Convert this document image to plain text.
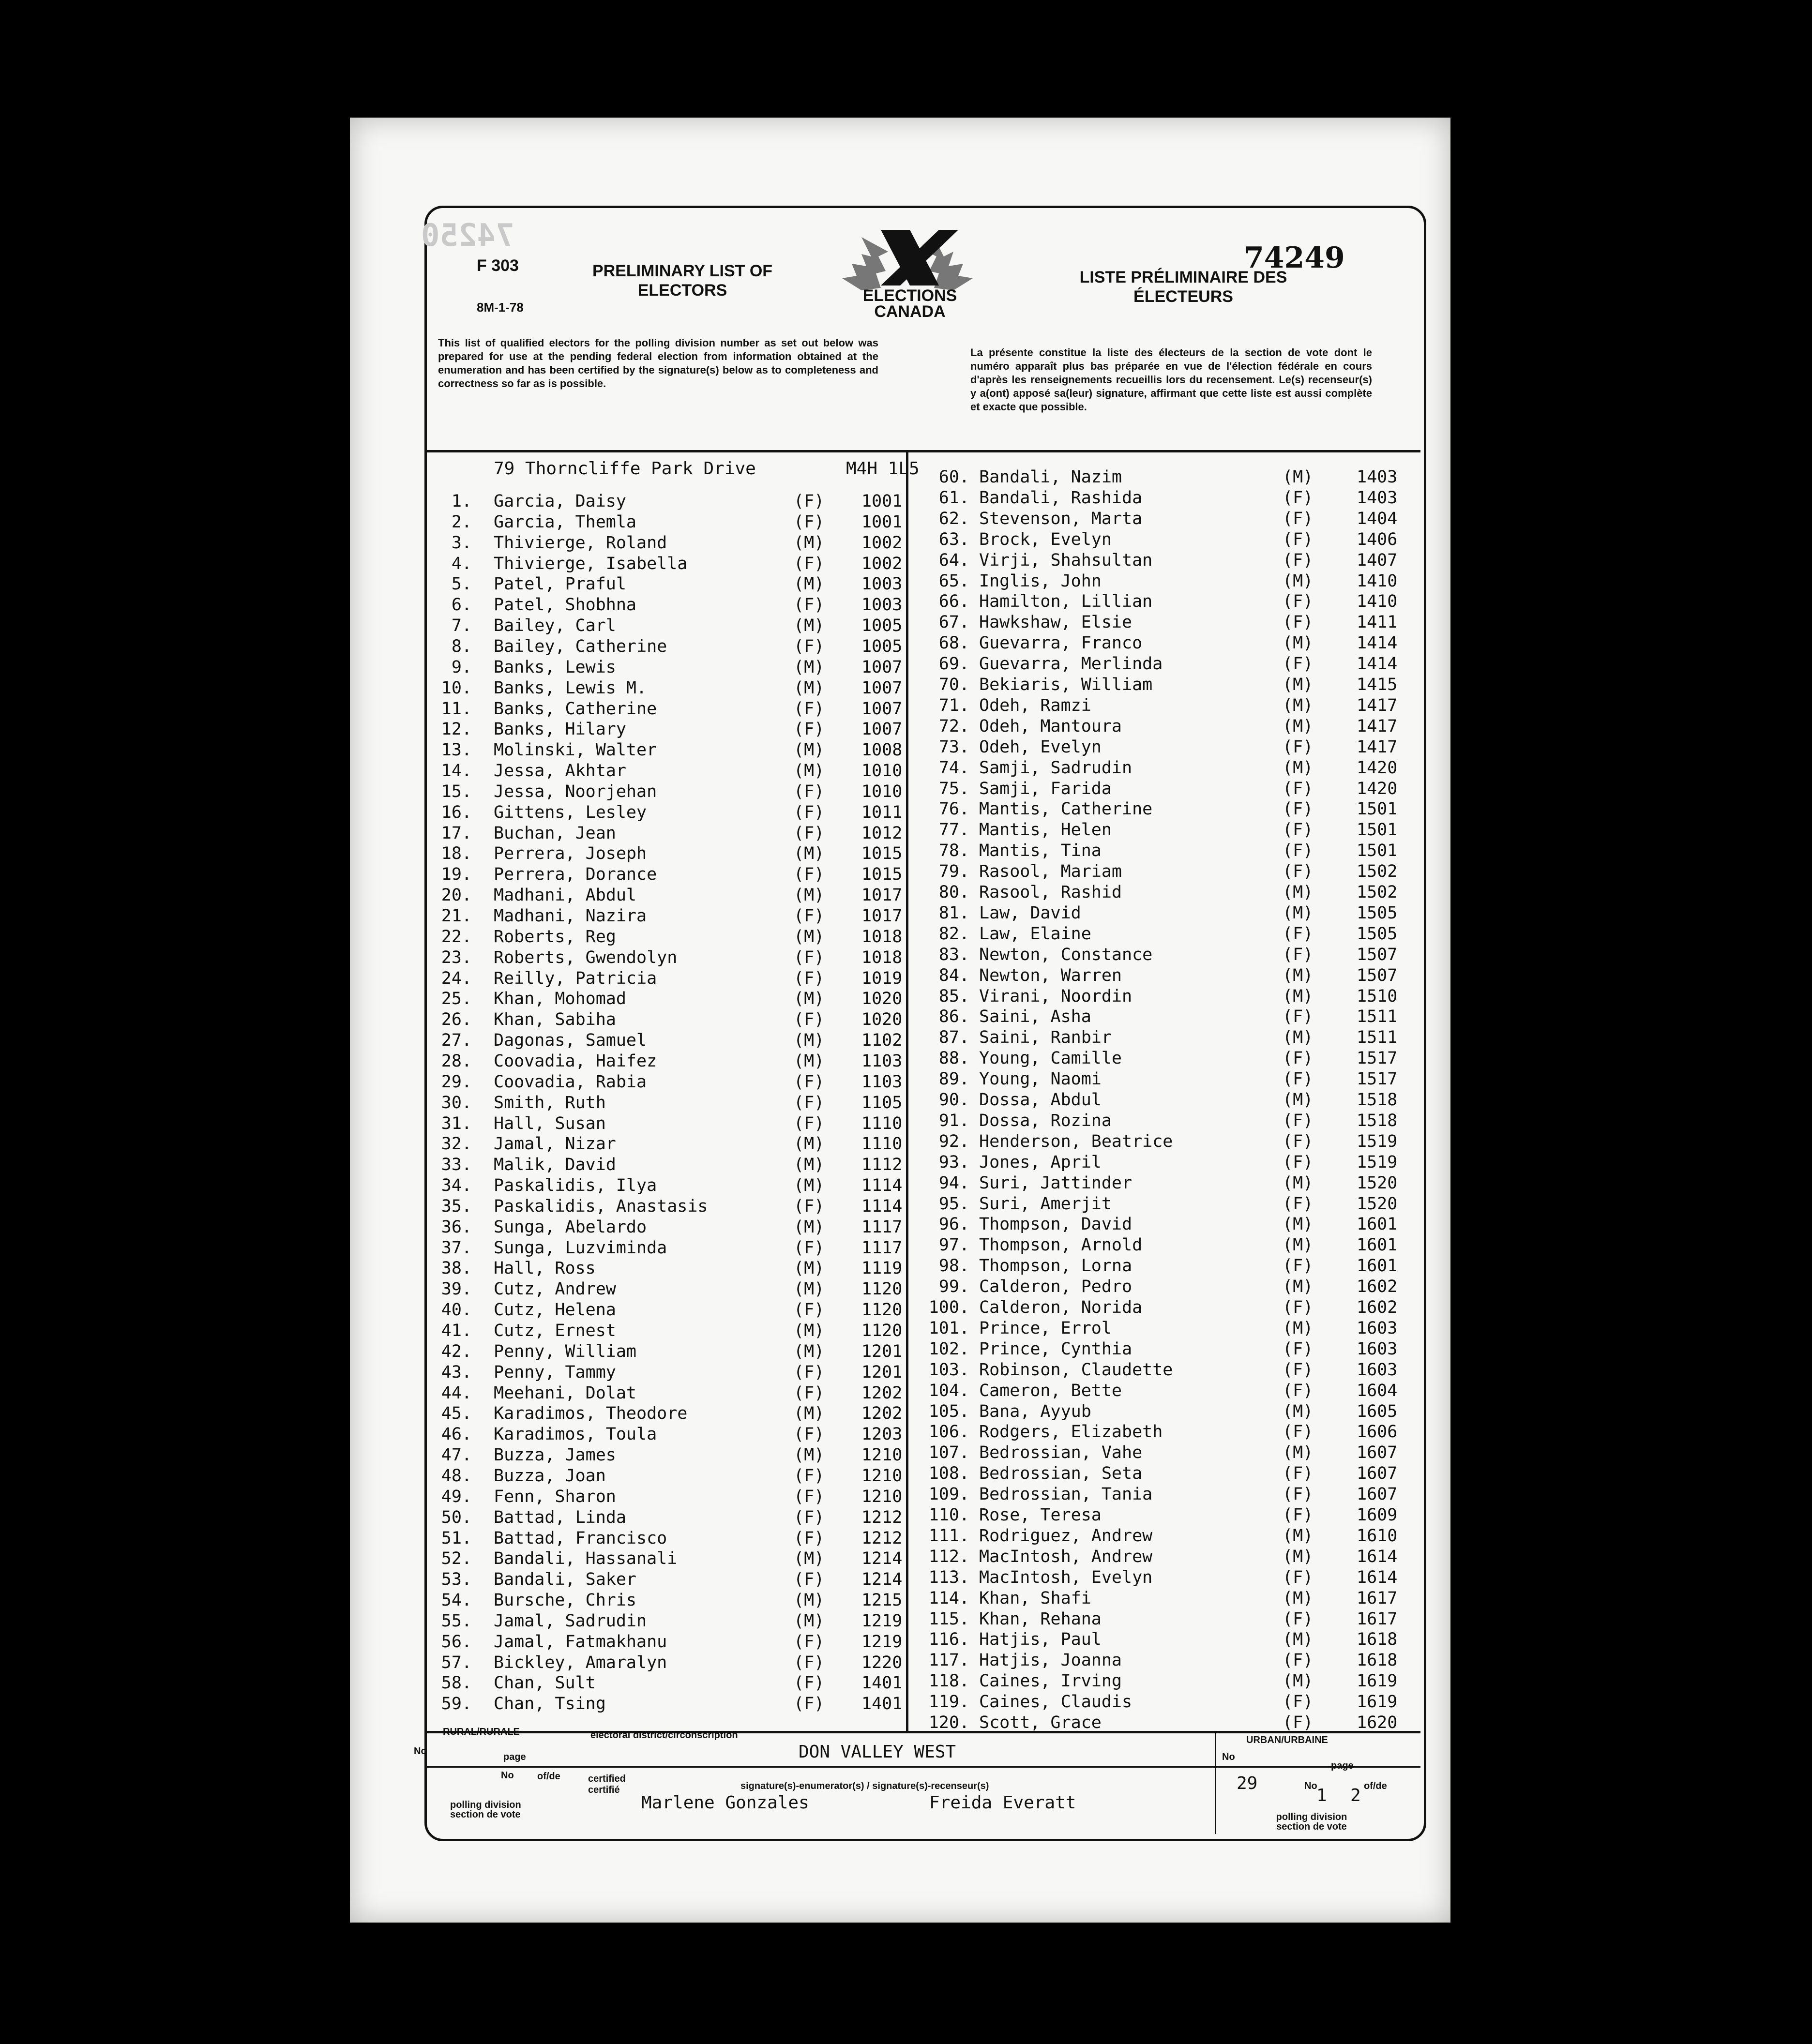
74250
F 303
8M-1-78
PRELIMINARY LIST OF ELECTORS
LISTE PRÉLIMINAIRE DES ÉLECTEURS
74249
ELECTIONS
CANADA
This list of qualified electors for the polling division number as set out below was prepared for use at the pending federal election from information obtained at the enumeration and has been certified by the signature(s) below as to completeness and correctness so far as is possible.
La présente constitue la liste des électeurs de la section de vote dont le numéro apparaît plus bas préparée en vue de l'élection fédérale en cours d'après les renseignements recueillis lors du recensement. Le(s) recenseur(s) y a(ont) apposé sa(leur) signature, affirmant que cette liste est aussi complète et exacte que possible.
79 Thorncliffe Park Drive	M4H 1L5
1. Garcia, Daisy	(F) 1001
2. Garcia, Themla	(F) 1001
3. Thivierge, Roland	(M) 1002
4. Thivierge, Isabella	(F) 1002
5. Patel, Praful	(M) 1003
6. Patel, Shobhna	(F) 1003
7. Bailey, Carl	(M) 1005
8. Bailey, Catherine	(F) 1005
9. Banks, Lewis	(M) 1007
10. Banks, Lewis M.	(M) 1007
11. Banks, Catherine	(F) 1007
12. Banks, Hilary	(F) 1007
13. Molinski, Walter	(M) 1008
14. Jessa, Akhtar	(M) 1010
15. Jessa, Noorjehan	(F) 1010
16. Gittens, Lesley	(F) 1011
17. Buchan, Jean	(F) 1012
18. Perrera, Joseph	(M) 1015
19. Perrera, Dorance	(F) 1015
20. Madhani, Abdul	(M) 1017
21. Madhani, Nazira	(F) 1017
22. Roberts, Reg	(M) 1018
23. Roberts, Gwendolyn	(F) 1018
24. Reilly, Patricia	(F) 1019
25. Khan, Mohomad	(M) 1020
26. Khan, Sabiha	(F) 1020
27. Dagonas, Samuel	(M) 1102
28. Coovadia, Haifez	(M) 1103
29. Coovadia, Rabia	(F) 1103
30. Smith, Ruth	(F) 1105
31. Hall, Susan	(F) 1110
32. Jamal, Nizar	(M) 1110
33. Malik, David	(M) 1112
34. Paskalidis, Ilya	(M) 1114
35. Paskalidis, Anastasis	(F) 1114
36. Sunga, Abelardo	(M) 1117
37. Sunga, Luzviminda	(F) 1117
38. Hall, Ross	(M) 1119
39. Cutz, Andrew	(M) 1120
40. Cutz, Helena	(F) 1120
41. Cutz, Ernest	(M) 1120
42. Penny, William	(M) 1201
43. Penny, Tammy	(F) 1201
44. Meehani, Dolat	(F) 1202
45. Karadimos, Theodore	(M) 1202
46. Karadimos, Toula	(F) 1203
47. Buzza, James	(M) 1210
48. Buzza, Joan	(F) 1210
49. Fenn, Sharon	(F) 1210
50. Battad, Linda	(F) 1212
51. Battad, Francisco	(F) 1212
52. Bandali, Hassanali	(M) 1214
53. Bandali, Saker	(F) 1214
54. Bursche, Chris	(M) 1215
55. Jamal, Sadrudin	(M) 1219
56. Jamal, Fatmakhanu	(F) 1219
57. Bickley, Amaralyn	(F) 1220
58. Chan, Sult	(F) 1401
59. Chan, Tsing	(F) 1401
60. Bandali, Nazim	(M)	1403
61. Bandali, Rashida	(F)	1403
62. Stevenson, Marta	(F)	1404
63. Brock, Evelyn	(F)	1406
64. Virji, Shahsultan	(F)	1407
65. Inglis, John	(M)	1410
66. Hamilton, Lillian	(F)	1410
67. Hawkshaw, Elsie	(F)	1411
68. Guevarra, Franco	(M)	1414
69. Guevarra, Merlinda	(F)	1414
70. Bekiaris, William	(M)	1415
71. Odeh, Ramzi	(M)	1417
72. Odeh, Mantoura	(M)	1417
73. Odeh, Evelyn	(F)	1417
74. Samji, Sadrudin	(M)	1420
75. Samji, Farida	(F)	1420
76. Mantis, Catherine	(F)	1501
77. Mantis, Helen	(F)	1501
78. Mantis, Tina	(F)	1501
79. Rasool, Mariam	(F)	1502
80. Rasool, Rashid	(M)	1502
81. Law, David	(M)	1505
82. Law, Elaine	(F)	1505
83. Newton, Constance	(F)	1507
84. Newton, Warren	(M)	1507
85. Virani, Noordin	(M)	1510
86. Saini, Asha	(F)	1511
87. Saini, Ranbir	(M)	1511
88. Young, Camille	(F)	1517
89. Young, Naomi	(F)	1517
90. Dossa, Abdul	(M)	1518
91. Dossa, Rozina	(F)	1518
92. Henderson, Beatrice	(F)	1519
93. Jones, April	(F)	1519
94. Suri, Jattinder	(M)	1520
95. Suri, Amerjit	(F)	1520
96. Thompson, David	(M)	1601
97. Thompson, Arnold	(M)	1601
98. Thompson, Lorna	(F)	1601
99. Calderon, Pedro	(M)	1602
100. Calderon, Norida	(F)	1602
101. Prince, Errol	(M)	1603
102. Prince, Cynthia	(F)	1603
103. Robinson, Claudette	(F)	1603
104. Cameron, Bette	(F)	1604
105. Bana, Ayyub	(M)	1605
106. Rodgers, Elizabeth	(F)	1606
107. Bedrossian, Vahe	(M)	1607
108. Bedrossian, Seta	(F)	1607
109. Bedrossian, Tania	(F)	1607
110. Rose, Teresa	(F)	1609
111. Rodriguez, Andrew	(M)	1610
112. MacIntosh, Andrew	(M)	1614
113. MacIntosh, Evelyn	(F)	1614
114. Khan, Shafi	(M)	1617
115. Khan, Rehana	(F)	1617
116. Hatjis, Paul	(M)	1618
117. Hatjis, Joanna	(F)	1618
118. Caines, Irving	(M)	1619
119. Caines, Claudis	(F)	1619
120. Scott, Grace	(F)	1620
RURAL/RURALE
URBAN/URBAINE
electoral district/circonscription
DON VALLEY WEST
No
page
No of/de	certified certifié	signature(s)-enumerator(s) / signature(s)-recenseur(s)
polling division section de vote
Marlene Gonzales	Freida Everatt
No
page
29	No
1	of/de
2
polling division section de vote
